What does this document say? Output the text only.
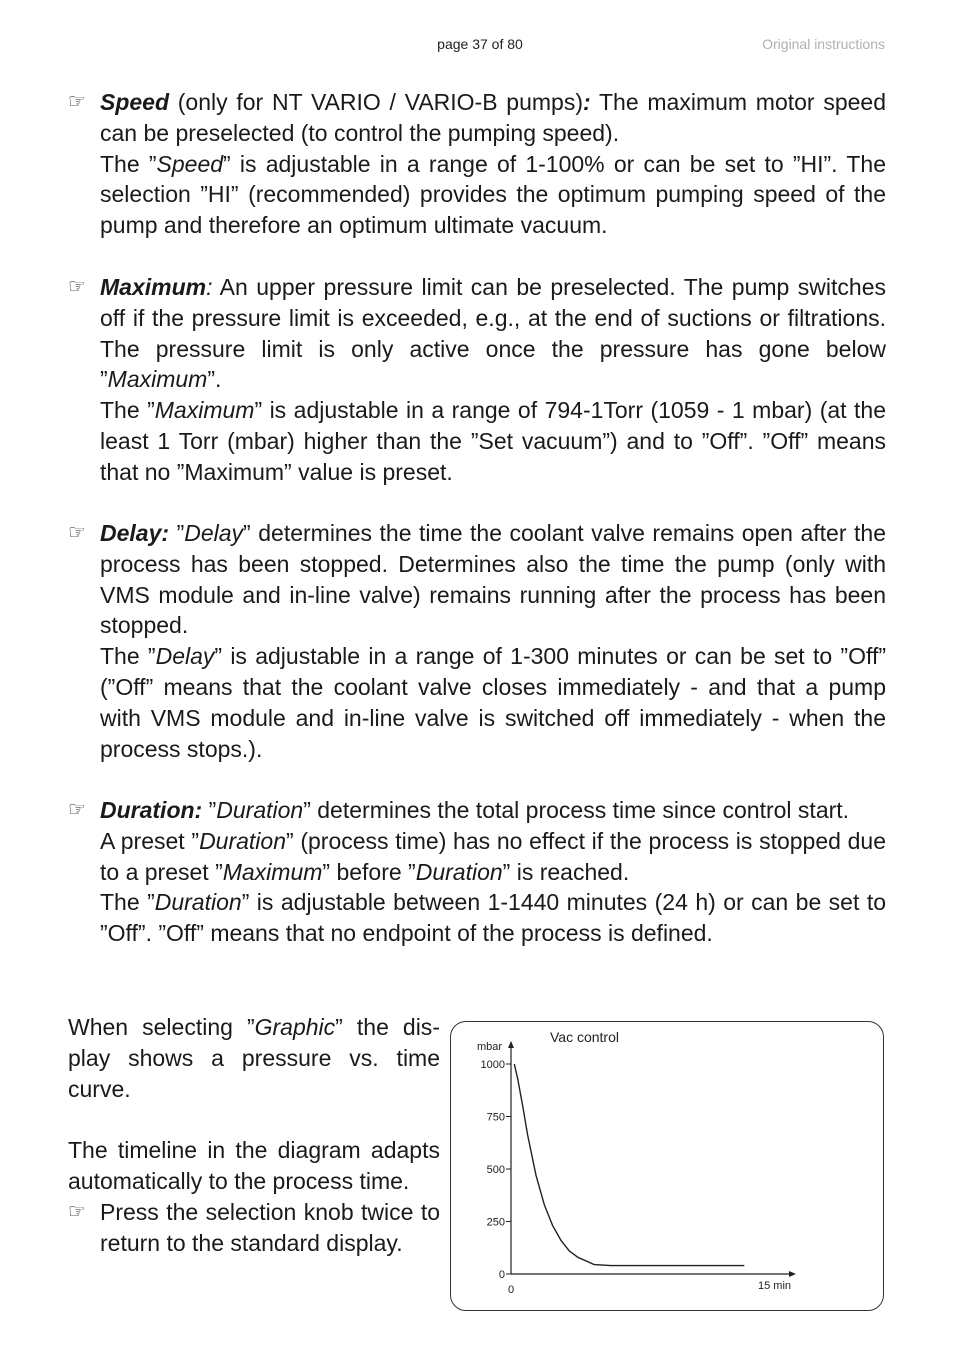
page 37 of 80	Original instructions
☞ Speed (only for NT VARIO / VARIO-B pumps): The maximum motor speed can be preselected (to control the pumping speed).

The ”Speed” is adjustable in a range of 1-100% or can be set to ”HI”. The selection ”HI” (recommended) provides the optimum pumping speed of the pump and therefore an optimum ultimate vacuum.

☞ Maximum: An upper pressure limit can be preselected. The pump switches off if the pressure limit is exceeded, e.g., at the end of suctions or filtrations. The pressure limit is only active once the pressure has gone below ”Maximum”.

The ”Maximum” is adjustable in a range of 794-1Torr (1059 - 1 mbar) (at the least 1 Torr (mbar) higher than the ”Set vacuum”) and to ”Off”. ”Off” means that no ”Maximum” value is preset.

☞ Delay: ”Delay” determines the time the coolant valve remains open after the process has been stopped. Determines also the time the pump (only with VMS module and in-line valve) remains running after the process has been stopped.

The ”Delay” is adjustable in a range of 1-300 minutes or can be set to ”Off” (”Off” means that the coolant valve closes immediately - and that a pump with VMS module and in-line valve is switched off immediately - when the process stops.).

☞ Duration: ”Duration” determines the total process time since control start.

A preset ”Duration” (process time) has no effect if the process is stopped due to a preset ”Maximum” before ”Duration” is reached.

The ”Duration” is adjustable between 1-1440 minutes (24 h) or can be set to ”Off”. ”Off” means that no endpoint of the process is defined.

When selecting ”Graphic” the display shows a pressure vs. time curve.

The timeline in the diagram adapts automatically to the process time.

☞ Press the selection knob twice to return to the standard display.
Vac control
mbar
1000
750
500
250
0
0	15 min
